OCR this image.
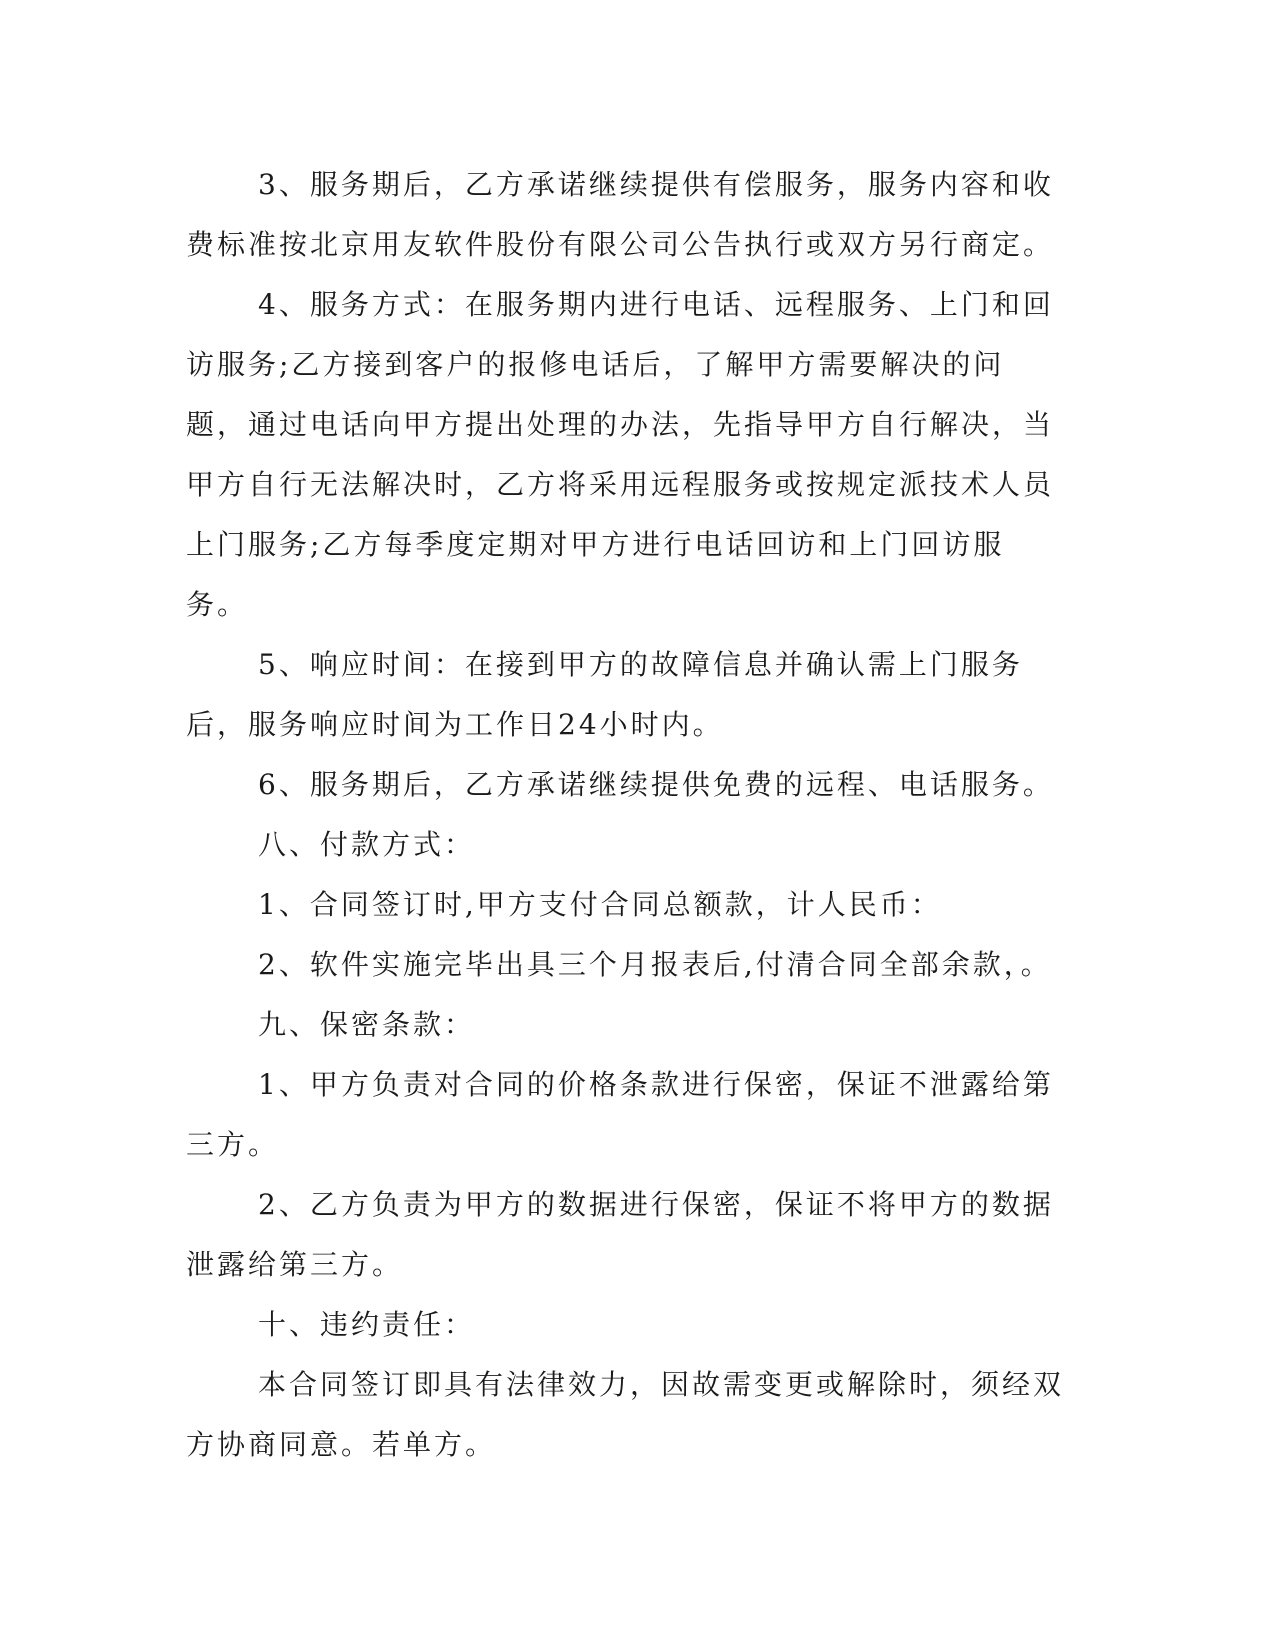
3、服务期后，乙方承诺继续提供有偿服务，服务内容和收费标准按北京用友软件股份有限公司公告执行或双方另行商定。

4、服务方式：在服务期内进行电话、远程服务、上门和回访服务;乙方接到客户的报修电话后，了解甲方需要解决的问题，通过电话向甲方提出处理的办法，先指导甲方自行解决，当甲方自行无法解决时，乙方将采用远程服务或按规定派技术人员上门服务;乙方每季度定期对甲方进行电话回访和上门回访服务。

5、响应时间：在接到甲方的故障信息并确认需上门服务后，服务响应时间为工作日24小时内。

6、服务期后，乙方承诺继续提供免费的远程、电话服务。

八、付款方式：

1、合同签订时,甲方支付合同总额款，计人民币：

2、软件实施完毕出具三个月报表后,付清合同全部余款，。

九、保密条款：

1、甲方负责对合同的价格条款进行保密，保证不泄露给第三方。

2、乙方负责为甲方的数据进行保密，保证不将甲方的数据泄露给第三方。

十、违约责任：

本合同签订即具有法律效力，因故需变更或解除时，须经双方协商同意。若单方。
